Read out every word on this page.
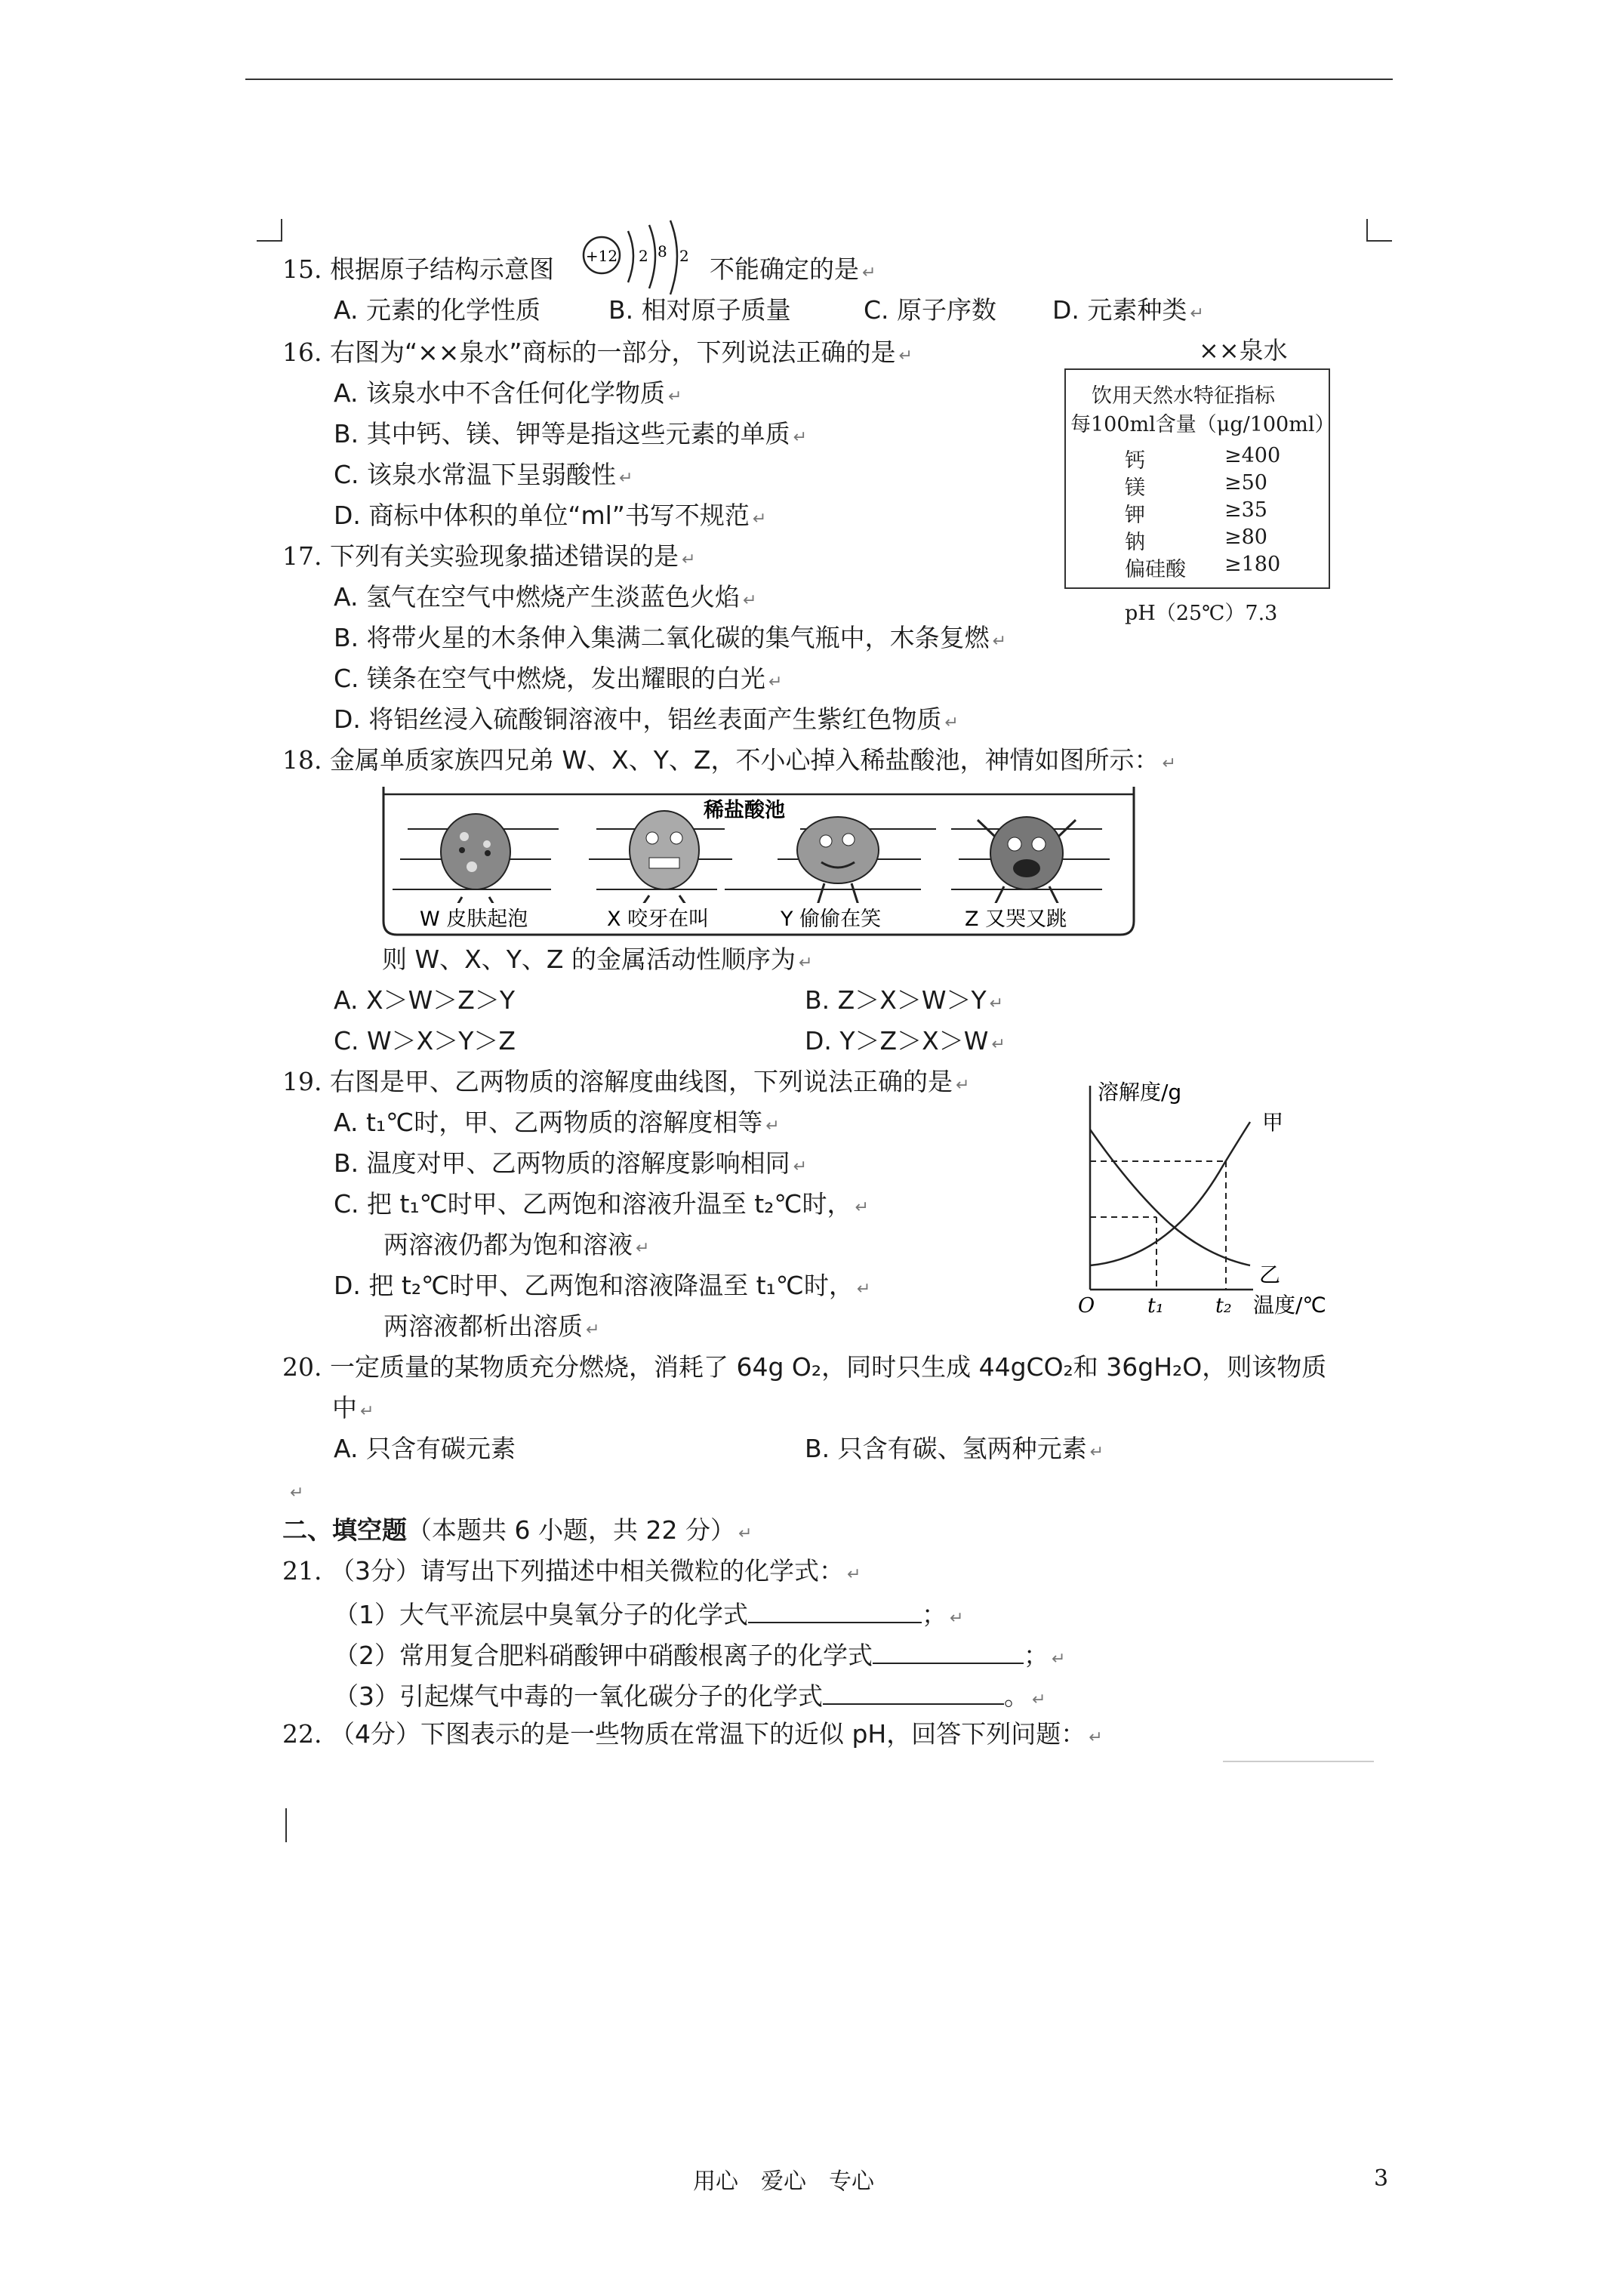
15. 根据原子结构示意图 +12 2 8 2 不能确定的是 ↵
A. 元素的化学性质	B. 相对原子质量	C. 原子序数 D. 元素种类 ↵
16. 右图为“××泉水”商标的一部分，下列说法正确的是 ↵
A. 该泉水中不含任何化学物质 ↵
B. 其中钙、镁、钾等是指这些元素的单质 ↵
C. 该泉水常温下呈弱酸性 ↵
D. 商标中体积的单位“ml”书写不规范 ↵
××泉水
饮用天然水特征指标
每100ml含量（μg/100ml）
钙	≥400
镁	≥50
钾	≥35
钠	≥80
偏硅酸 ≥180
pH（25℃）7.3
17. 下列有关实验现象描述错误的是 ↵
A. 氢气在空气中燃烧产生淡蓝色火焰 ↵
B. 将带火星的木条伸入集满二氧化碳的集气瓶中，木条复燃 ↵
C. 镁条在空气中燃烧，发出耀眼的白光 ↵
D. 将铝丝浸入硫酸铜溶液中，铝丝表面产生紫红色物质 ↵
18. 金属单质家族四兄弟 W、X、Y、Z，不小心掉入稀盐酸池，神情如图所示： ↵
稀盐酸池
W 皮肤起泡	X 咬牙在叫	Y 偷偷在笑	Z 又哭又跳
则 W、X、Y、Z 的金属活动性顺序为 ↵
A. X＞W＞Z＞Y	B. Z＞X＞W＞Y ↵
C. W＞X＞Y＞Z	D. Y＞Z＞X＞W ↵
19. 右图是甲、乙两物质的溶解度曲线图，下列说法正确的是 ↵
A. t₁℃时，甲、乙两物质的溶解度相等 ↵
B. 温度对甲、乙两物质的溶解度影响相同 ↵
C. 把 t₁℃时甲、乙两饱和溶液升温至 t₂℃时， ↵
两溶液仍都为饱和溶液 ↵
D. 把 t₂℃时甲、乙两饱和溶液降温至 t₁℃时， ↵
两溶液都析出溶质 ↵
溶解度/g
温度/℃
O	t₁	t₂
甲
乙
20. 一定质量的某物质充分燃烧，消耗了 64g O₂，同时只生成 44gCO₂和 36gH₂O，则该物质
中 ↵
A. 只含有碳元素	B. 只含有碳、氢两种元素 ↵
↵
二、填空题（本题共 6 小题，共 22 分） ↵
21. （3分）请写出下列描述中相关微粒的化学式： ↵
（1）大气平流层中臭氧分子的化学式	； ↵
（2）常用复合肥料硝酸钾中硝酸根离子的化学式	； ↵
（3）引起煤气中毒的一氧化碳分子的化学式	。 ↵
22. （4分）下图表示的是一些物质在常温下的近似 pH，回答下列问题： ↵
用心　爱心　专心	3
